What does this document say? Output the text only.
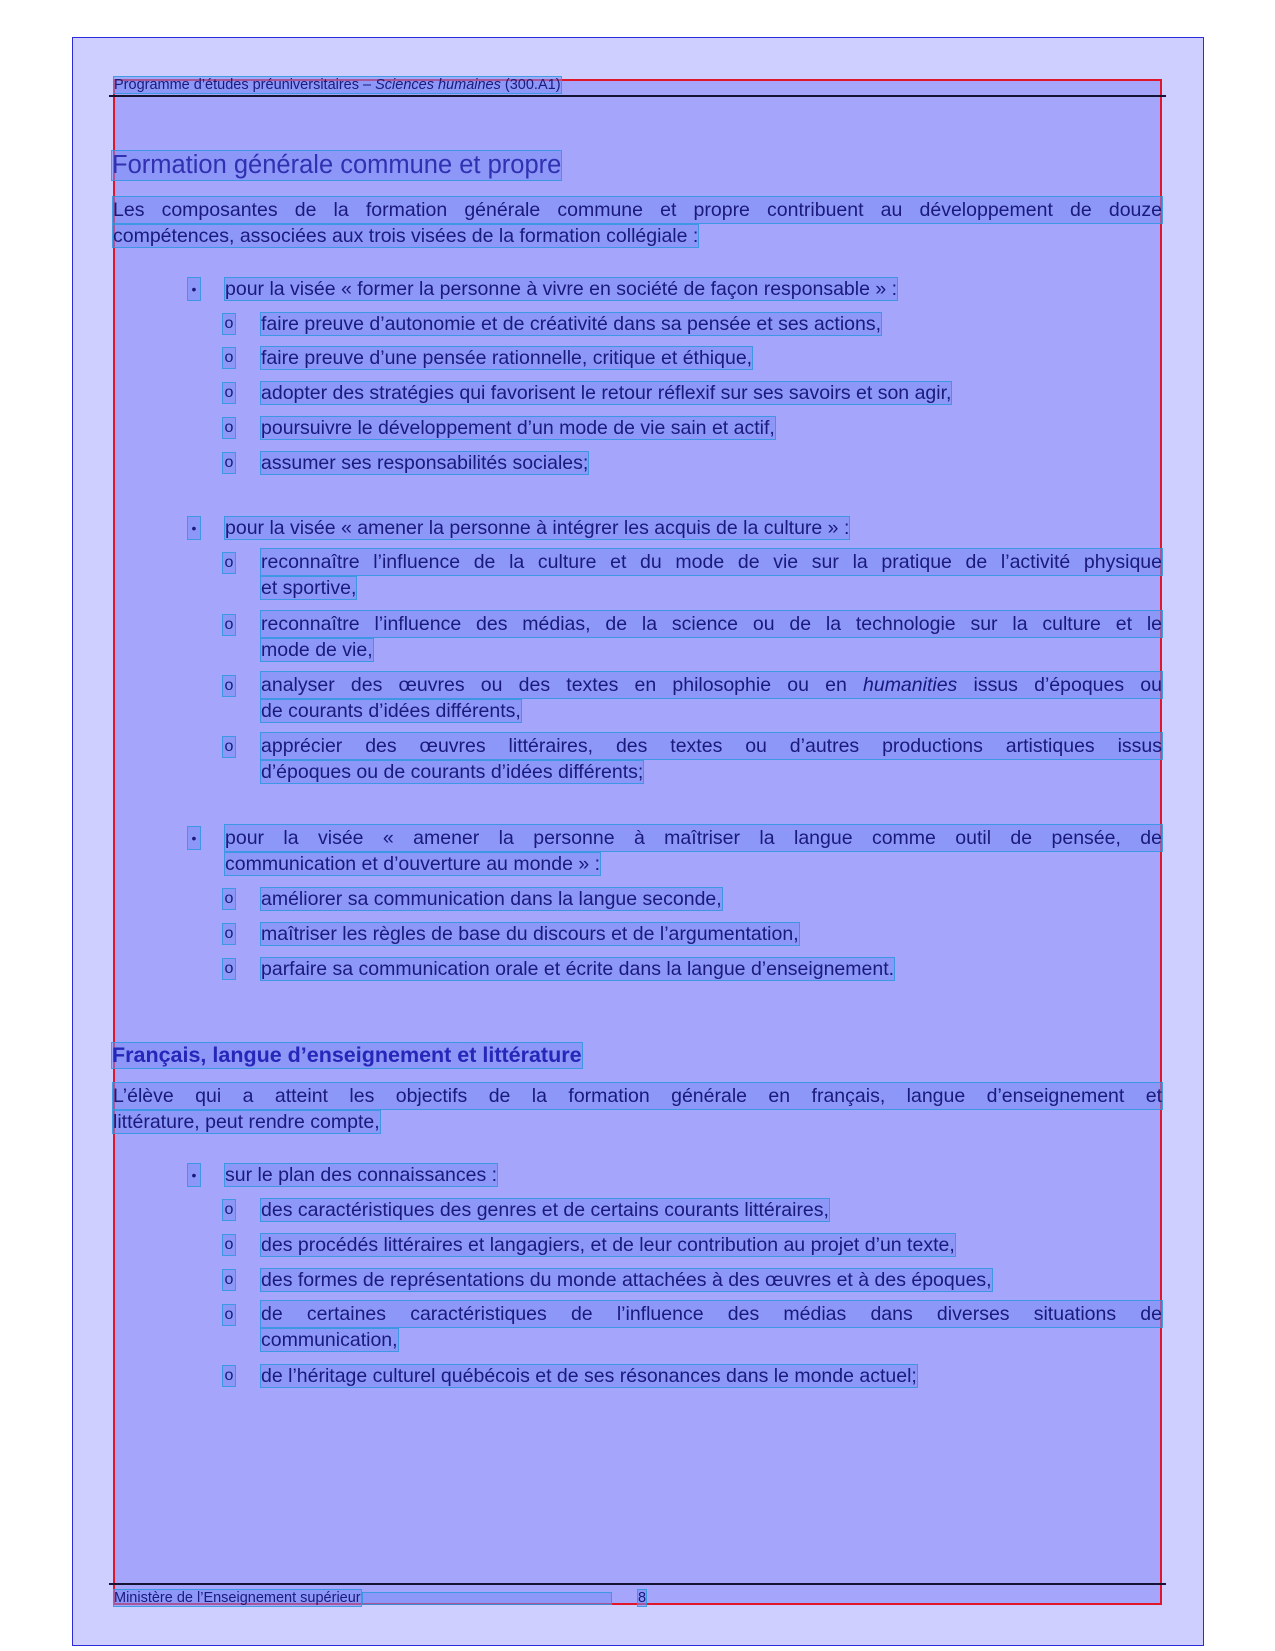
Programme d’études préuniversitaires – Sciences humaines (300.A1)
Formation générale commune et propre
Les composantes de la formation générale commune et propre contribuent au développement de douze
compétences, associées aux trois visées de la formation collégiale :
• pour la visée « former la personne à vivre en société de façon responsable » :
o faire preuve d’autonomie et de créativité dans sa pensée et ses actions,
o faire preuve d’une pensée rationnelle, critique et éthique,
o adopter des stratégies qui favorisent le retour réflexif sur ses savoirs et son agir,
o poursuivre le développement d’un mode de vie sain et actif,
o assumer ses responsabilités sociales;
• pour la visée « amener la personne à intégrer les acquis de la culture » :
o reconnaître l’influence de la culture et du mode de vie sur la pratique de l’activité physique
et sportive,
o reconnaître l’influence des médias, de la science ou de la technologie sur la culture et le
mode de vie,
o analyser des œuvres ou des textes en philosophie ou en humanities issus d’époques ou
de courants d’idées différents,
o apprécier des œuvres littéraires, des textes ou d’autres productions artistiques issus
d’époques ou de courants d’idées différents;
• pour la visée « amener la personne à maîtriser la langue comme outil de pensée, de
communication et d’ouverture au monde » :
o améliorer sa communication dans la langue seconde,
o maîtriser les règles de base du discours et de l’argumentation,
o parfaire sa communication orale et écrite dans la langue d’enseignement.
Français, langue d’enseignement et littérature
L’élève qui a atteint les objectifs de la formation générale en français, langue d’enseignement et
littérature, peut rendre compte,
• sur le plan des connaissances :
o des caractéristiques des genres et de certains courants littéraires,
o des procédés littéraires et langagiers, et de leur contribution au projet d’un texte,
o des formes de représentations du monde attachées à des œuvres et à des époques,
o de certaines caractéristiques de l’influence des médias dans diverses situations de
communication,
o de l’héritage culturel québécois et de ses résonances dans le monde actuel;
Ministère de l’Enseignement supérieur	8
